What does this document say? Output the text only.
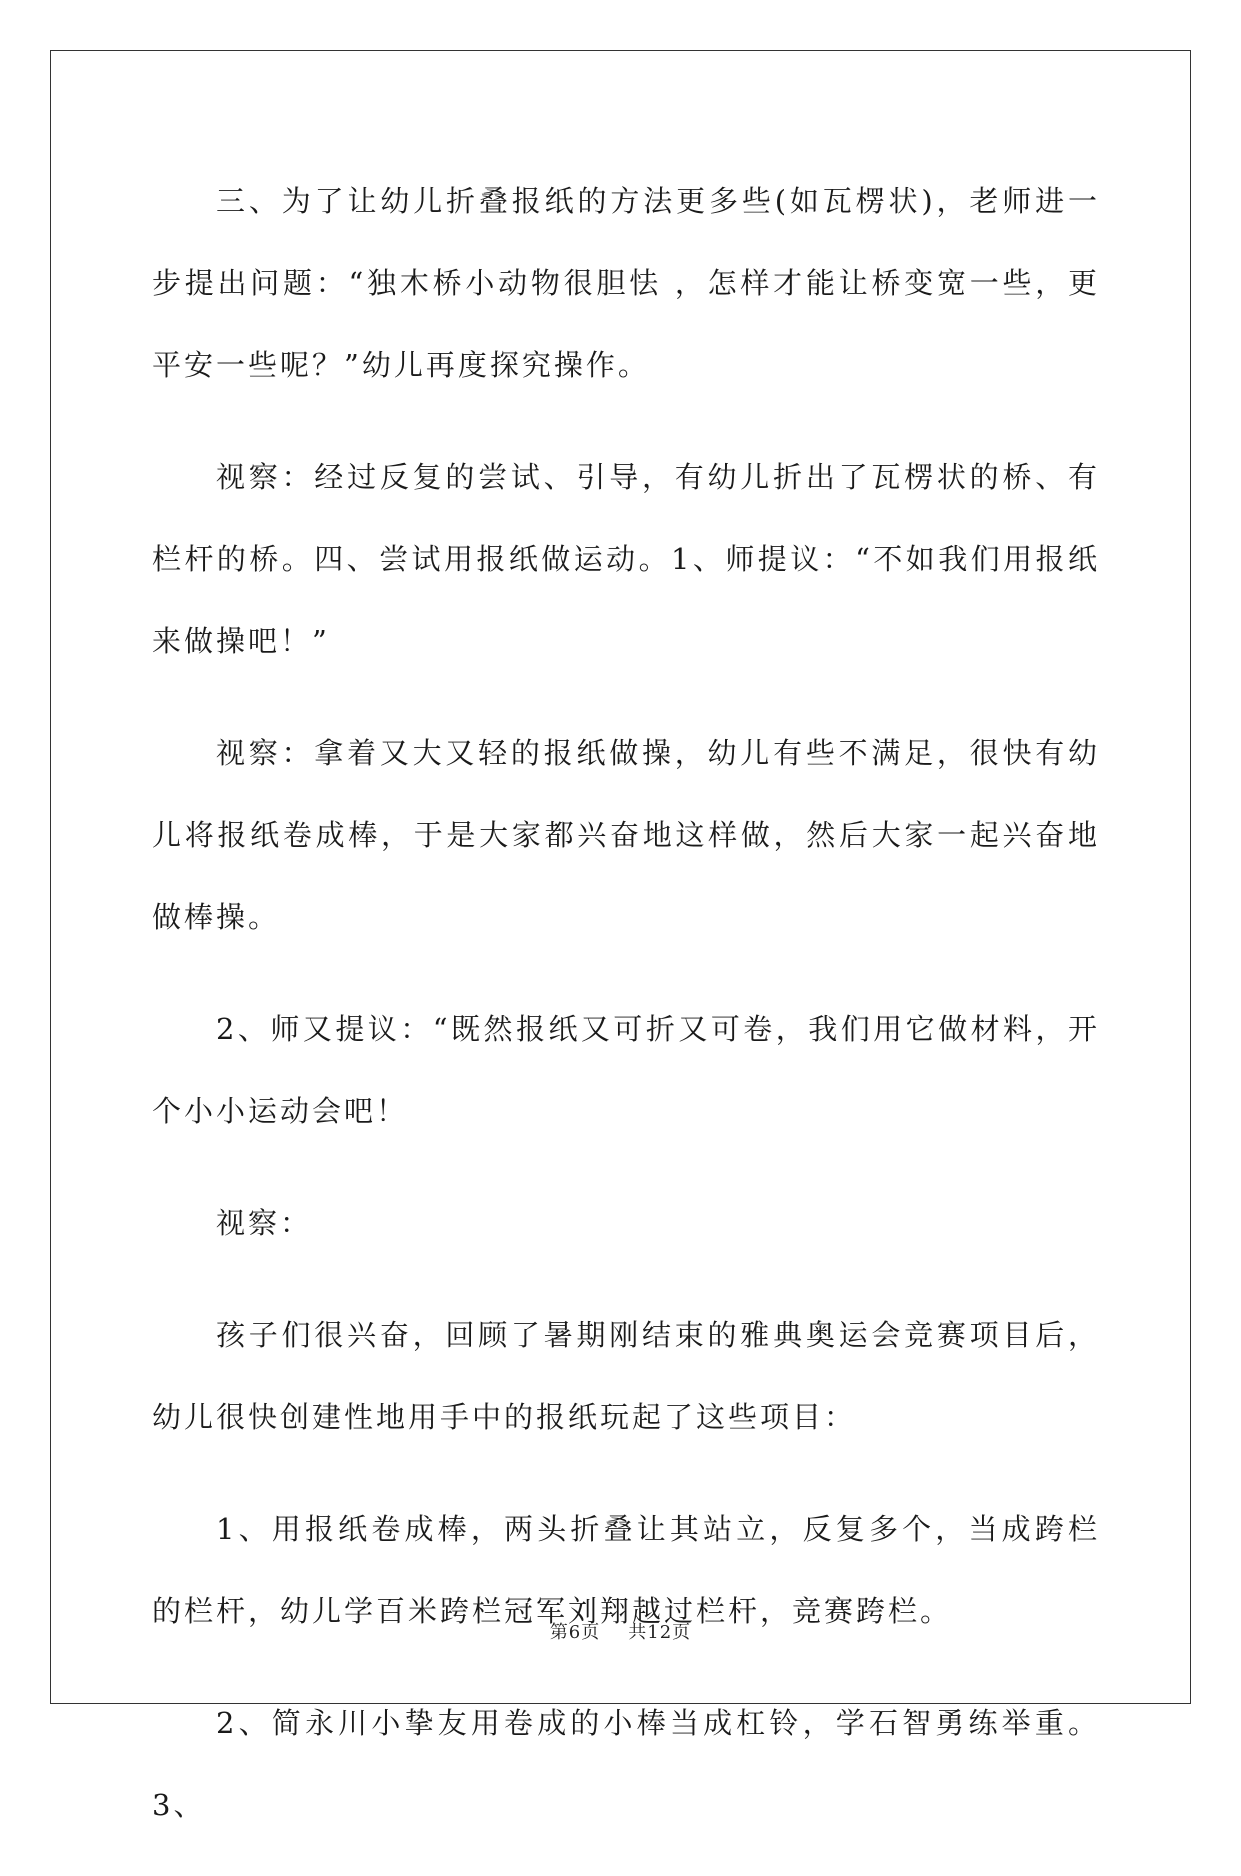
三、为了让幼儿折叠报纸的方法更多些(如瓦楞状)，老师进一步提出问题：“独木桥小动物很胆怯 ，怎样才能让桥变宽一些，更平安一些呢？”幼儿再度探究操作。

视察：经过反复的尝试、引导，有幼儿折出了瓦楞状的桥、有栏杆的桥。四、尝试用报纸做运动。1、师提议：“不如我们用报纸来做操吧！”

视察：拿着又大又轻的报纸做操，幼儿有些不满足，很快有幼儿将报纸卷成棒，于是大家都兴奋地这样做，然后大家一起兴奋地做棒操。

2、师又提议：“既然报纸又可折又可卷，我们用它做材料，开个小小运动会吧！

视察：

孩子们很兴奋，回顾了暑期刚结束的雅典奥运会竞赛项目后，幼儿很快创建性地用手中的报纸玩起了这些项目：

1、用报纸卷成棒，两头折叠让其站立，反复多个，当成跨栏的栏杆，幼儿学百米跨栏冠军刘翔越过栏杆，竞赛跨栏。

2、简永川小挚友用卷成的小棒当成杠铃，学石智勇练举重。3、

第6页 共12页
